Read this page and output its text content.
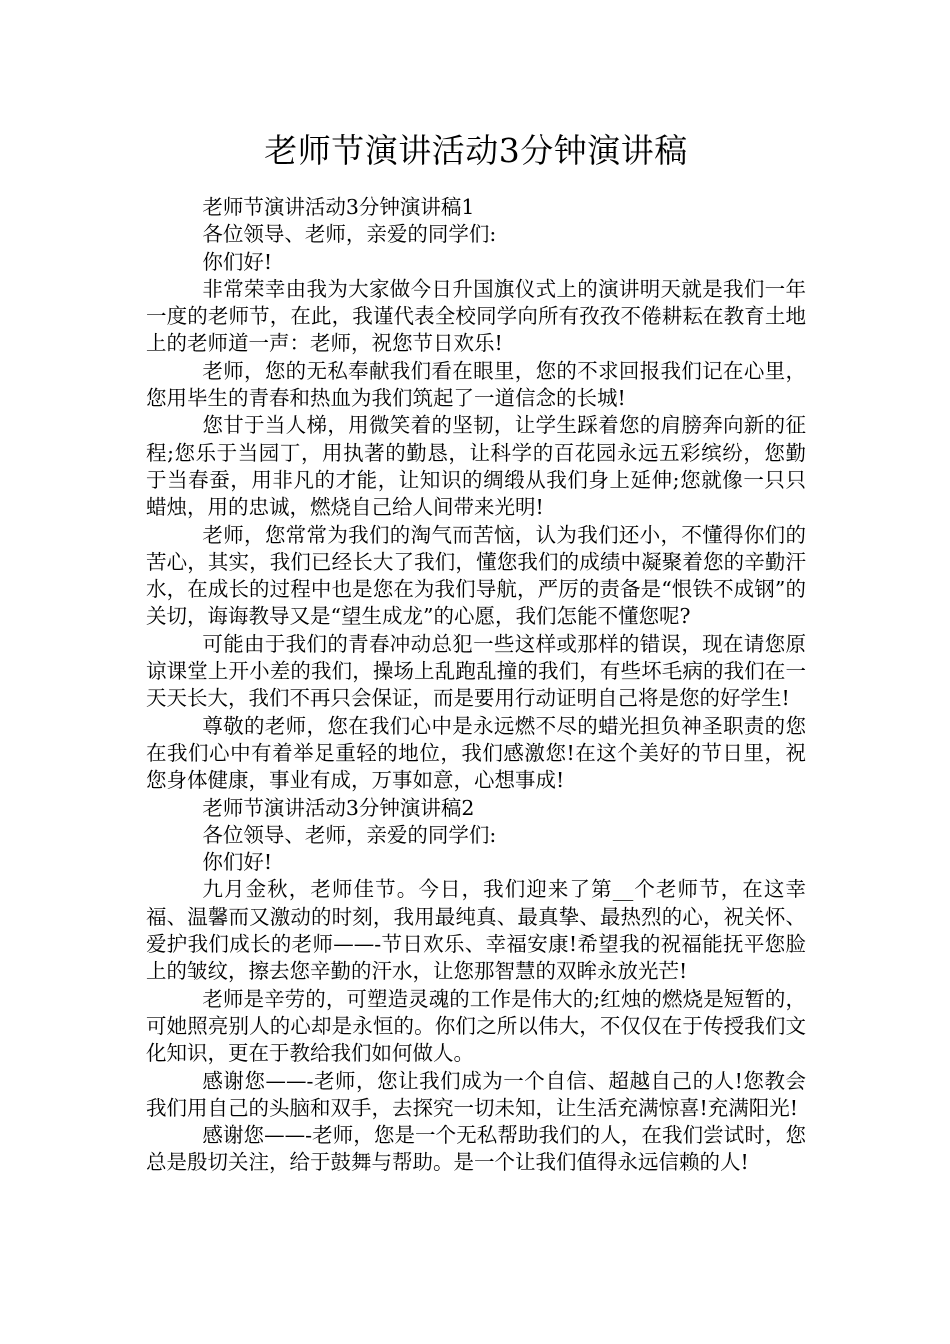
老师节演讲活动3分钟演讲稿

老师节演讲活动3分钟演讲稿1

各位领导、老师，亲爱的同学们:

你们好!

非常荣幸由我为大家做今日升国旗仪式上的演讲明天就是我们一年一度的老师节，在此，我谨代表全校同学向所有孜孜不倦耕耘在教育土地上的老师道一声：老师，祝您节日欢乐!

老师，您的无私奉献我们看在眼里，您的不求回报我们记在心里，您用毕生的青春和热血为我们筑起了一道信念的长城!

您甘于当人梯，用微笑着的坚韧，让学生踩着您的肩膀奔向新的征程;您乐于当园丁，用执著的勤恳，让科学的百花园永远五彩缤纷，您勤于当春蚕，用非凡的才能，让知识的绸缎从我们身上延伸;您就像一只只蜡烛，用的忠诚，燃烧自己给人间带来光明!

老师，您常常为我们的淘气而苦恼，认为我们还小，不懂得你们的苦心，其实，我们已经长大了我们，懂您我们的成绩中凝聚着您的辛勤汗水，在成长的过程中也是您在为我们导航，严厉的责备是“恨铁不成钢”的关切，诲诲教导又是“望生成龙”的心愿，我们怎能不懂您呢?

可能由于我们的青春冲动总犯一些这样或那样的错误，现在请您原谅课堂上开小差的我们，操场上乱跑乱撞的我们，有些坏毛病的我们在一天天长大，我们不再只会保证，而是要用行动证明自己将是您的好学生!

尊敬的老师，您在我们心中是永远燃不尽的蜡光担负神圣职责的您在我们心中有着举足重轻的地位，我们感激您!在这个美好的节日里，祝您身体健康，事业有成，万事如意，心想事成!

老师节演讲活动3分钟演讲稿2

各位领导、老师，亲爱的同学们:

你们好!

九月金秋，老师佳节。今日，我们迎来了第__个老师节，在这幸福、温馨而又激动的时刻，我用最纯真、最真挚、最热烈的心，祝关怀、爱护我们成长的老师——-节日欢乐、幸福安康!希望我的祝福能抚平您脸上的皱纹，擦去您辛勤的汗水，让您那智慧的双眸永放光芒!

老师是辛劳的，可塑造灵魂的工作是伟大的;红烛的燃烧是短暂的，可她照亮别人的心却是永恒的。你们之所以伟大，不仅仅在于传授我们文化知识，更在于教给我们如何做人。

感谢您——-老师，您让我们成为一个自信、超越自己的人!您教会我们用自己的头脑和双手，去探究一切未知，让生活充满惊喜!充满阳光!

感谢您——-老师，您是一个无私帮助我们的人，在我们尝试时，您总是殷切关注，给于鼓舞与帮助。是一个让我们值得永远信赖的人!
